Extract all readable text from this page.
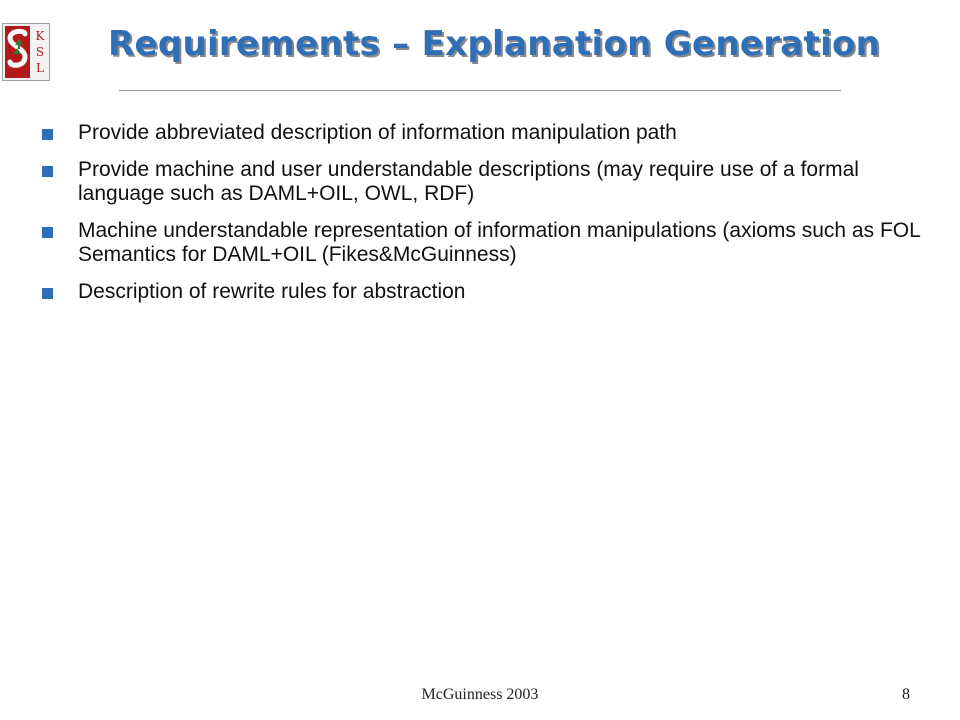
K
S
L
Requirements – Explanation Generation
Provide abbreviated description of information manipulation path
Provide machine and user understandable descriptions (may require use of a formal language such as DAML+OIL, OWL, RDF)
Machine understandable representation of information manipulations (axioms such as FOL Semantics for DAML+OIL (Fikes&McGuinness)
Description of rewrite rules for abstraction
McGuinness 2003	8
